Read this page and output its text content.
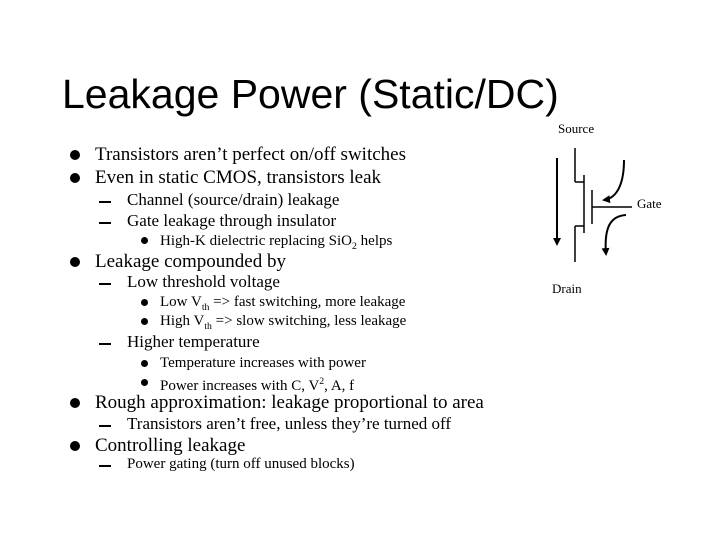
Leakage Power (Static/DC)
Transistors aren’t perfect on/off switches
Even in static CMOS, transistors leak
Channel (source/drain) leakage
Gate leakage through insulator
High-K dielectric replacing SiO$_2$ helps
Leakage compounded by
Low threshold voltage
Low $V_{th}$ => fast switching, more leakage
High $V_{th}$ => slow switching, less leakage
Higher temperature
Temperature increases with power
Power increases with C, $V^2$, A, f
Rough approximation: leakage proportional to area
Transistors aren’t free, unless they’re turned off
Controlling leakage
Power gating (turn off unused blocks)
Source
Gate
Drain
